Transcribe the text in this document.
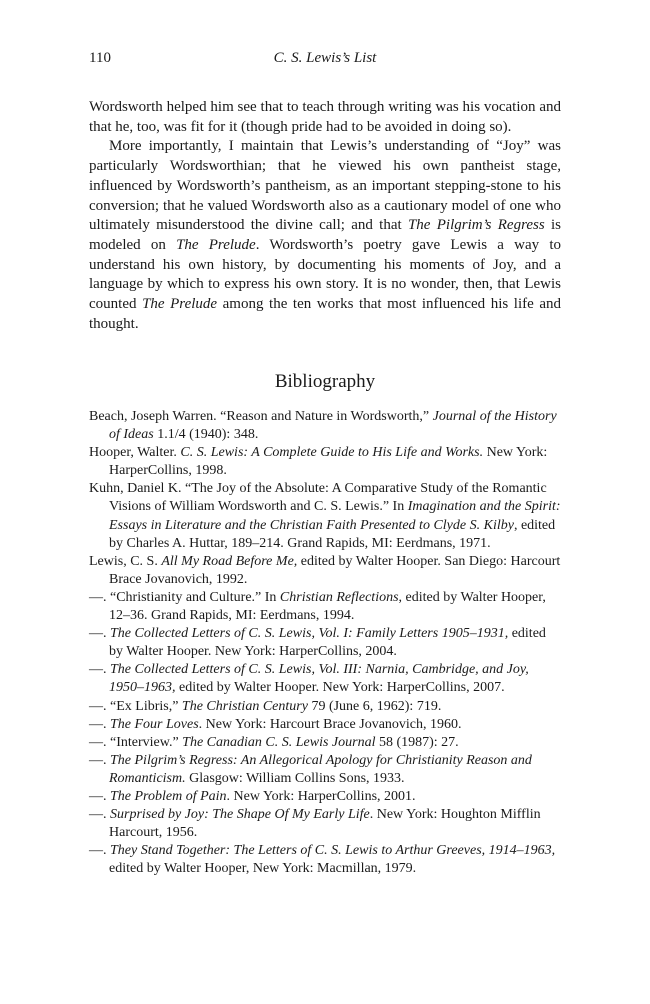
110	C. S. Lewis’s List

Wordsworth helped him see that to teach through writing was his vocation and that he, too, was fit for it (though pride had to be avoided in doing so).

More importantly, I maintain that Lewis’s understanding of “Joy” was particularly Wordsworthian; that he viewed his own pantheist stage, influenced by Wordsworth’s pantheism, as an important stepping-stone to his conversion; that he valued Wordsworth also as a cautionary model of one who ultimately misunderstood the divine call; and that The Pilgrim’s Regress is modeled on The Prelude. Wordsworth’s poetry gave Lewis a way to understand his own history, by documenting his moments of Joy, and a language by which to express his own story. It is no wonder, then, that Lewis counted The Prelude among the ten works that most influenced his life and thought.

Bibliography
Beach, Joseph Warren. “Reason and Nature in Wordsworth,” Journal of the History of Ideas 1.1/4 (1940): 348.
Hooper, Walter. C. S. Lewis: A Complete Guide to His Life and Works. New York: HarperCollins, 1998.
Kuhn, Daniel K. “The Joy of the Absolute: A Comparative Study of the Romantic Visions of William Wordsworth and C. S. Lewis.” In Imagination and the Spirit: Essays in Literature and the Christian Faith Presented to Clyde S. Kilby, edited by Charles A. Huttar, 189–214. Grand Rapids, MI: Eerdmans, 1971.
Lewis, C. S. All My Road Before Me, edited by Walter Hooper. San Diego: Harcourt Brace Jovanovich, 1992.
—. “Christianity and Culture.” In Christian Reflections, edited by Walter Hooper, 12–36. Grand Rapids, MI: Eerdmans, 1994.
—. The Collected Letters of C. S. Lewis, Vol. I: Family Letters 1905–1931, edited by Walter Hooper. New York: HarperCollins, 2004.
—. The Collected Letters of C. S. Lewis, Vol. III: Narnia, Cambridge, and Joy, 1950–1963, edited by Walter Hooper. New York: HarperCollins, 2007.
—. “Ex Libris,” The Christian Century 79 (June 6, 1962): 719.
—. The Four Loves. New York: Harcourt Brace Jovanovich, 1960.
—. “Interview.” The Canadian C. S. Lewis Journal 58 (1987): 27.
—. The Pilgrim’s Regress: An Allegorical Apology for Christianity Reason and Romanticism. Glasgow: William Collins Sons, 1933.
—. The Problem of Pain. New York: HarperCollins, 2001.
—. Surprised by Joy: The Shape Of My Early Life. New York: Houghton Mifflin Harcourt, 1956.
—. They Stand Together: The Letters of C. S. Lewis to Arthur Greeves, 1914–1963, edited by Walter Hooper, New York: Macmillan, 1979.
